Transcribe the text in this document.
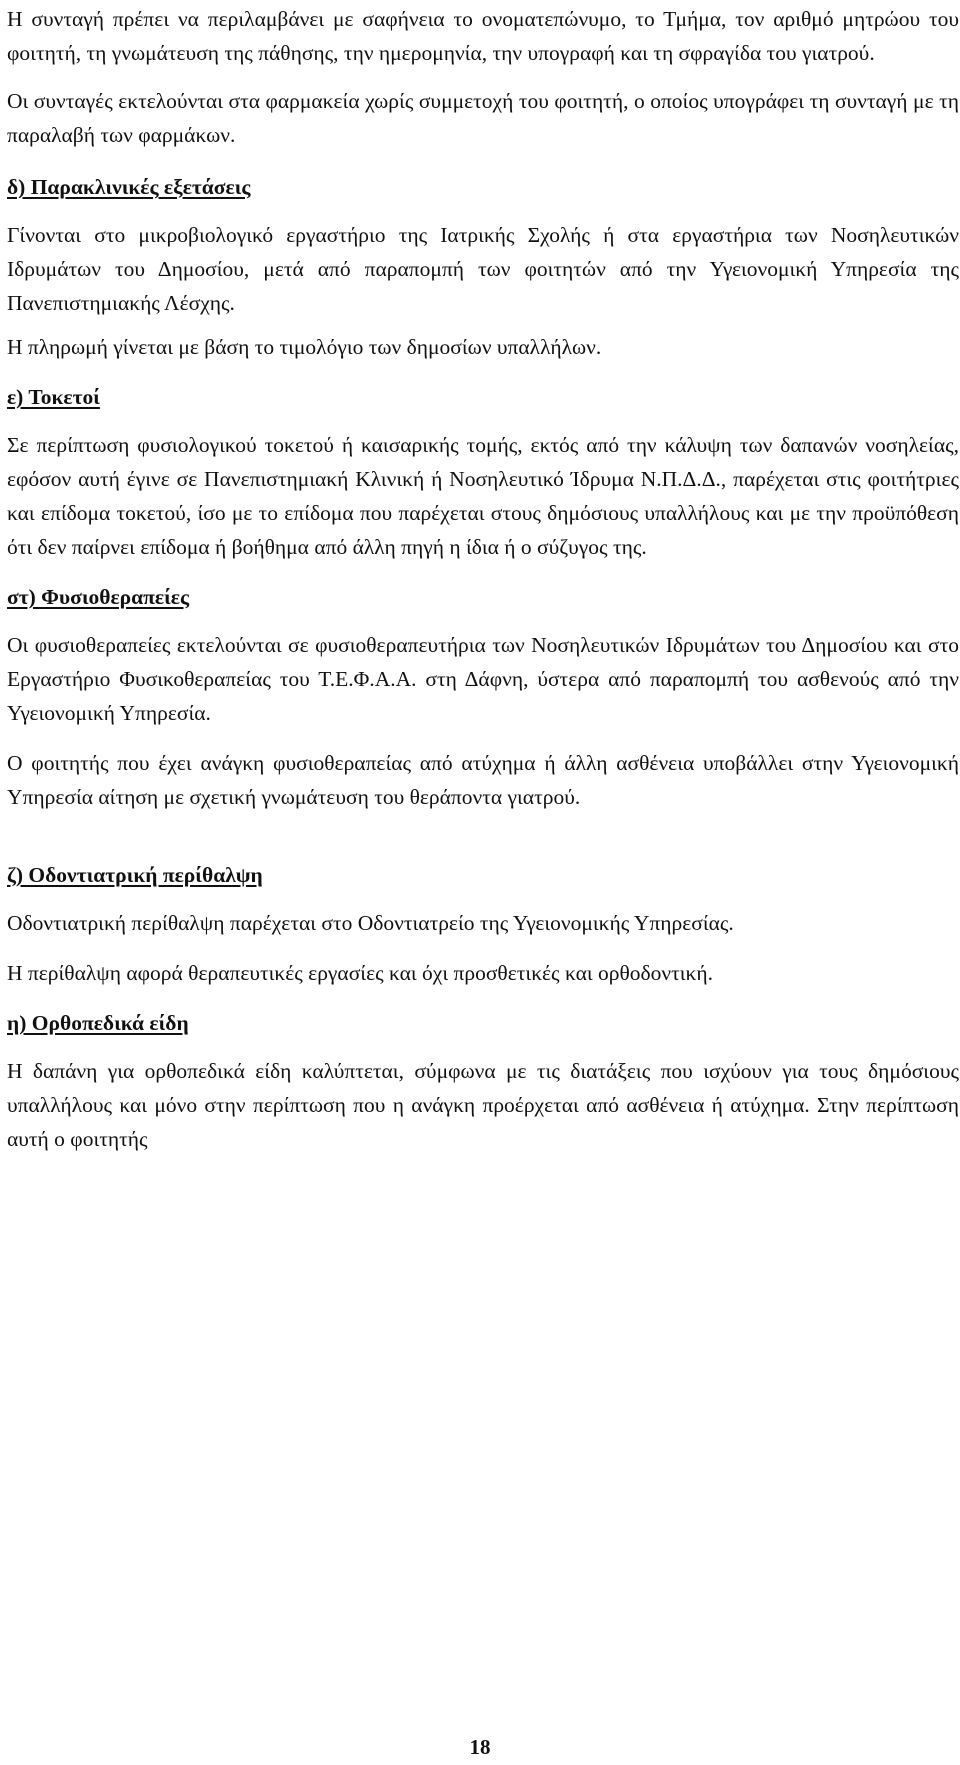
Η συνταγή πρέπει να περιλαμβάνει με σαφήνεια το ονοματεπώνυμο, το Τμήμα, τον αριθμό μητρώου του φοιτητή, τη γνωμάτευση της πάθησης, την ημερομηνία, την υπογραφή και τη σφραγίδα του γιατρού.

Οι συνταγές εκτελούνται στα φαρμακεία χωρίς συμμετοχή του φοιτητή, ο οποίος υπογράφει τη συνταγή με τη παραλαβή των φαρμάκων.

δ) Παρακλινικές εξετάσεις

Γίνονται στο μικροβιολογικό εργαστήριο της Ιατρικής Σχολής ή στα εργαστήρια των Νοσηλευτικών Ιδρυμάτων του Δημοσίου, μετά από παραπομπή των φοιτητών από την Υγειονομική Υπηρεσία της Πανεπιστημιακής Λέσχης.

Η πληρωμή γίνεται με βάση το τιμολόγιο των δημοσίων υπαλλήλων.

ε) Τοκετοί

Σε περίπτωση φυσιολογικού τοκετού ή καισαρικής τομής, εκτός από την κάλυψη των δαπανών νοσηλείας, εφόσον αυτή έγινε σε Πανεπιστημιακή Κλινική ή Νοσηλευτικό Ίδρυμα Ν.Π.Δ.Δ., παρέχεται στις φοιτήτριες και επίδομα τοκετού, ίσο με το επίδομα που παρέχεται στους δημόσιους υπαλλήλους και με την προϋπόθεση ότι δεν παίρνει επίδομα ή βοήθημα από άλλη πηγή η ίδια ή ο σύζυγος της.

στ) Φυσιοθεραπείες

Οι φυσιοθεραπείες εκτελούνται σε φυσιοθεραπευτήρια των Νοσηλευτικών Ιδρυμάτων του Δημοσίου και στο Εργαστήριο Φυσικοθεραπείας του Τ.Ε.Φ.Α.Α. στη Δάφνη, ύστερα από παραπομπή του ασθενούς από την Υγειονομική Υπηρεσία.

Ο φοιτητής που έχει ανάγκη φυσιοθεραπείας από ατύχημα ή άλλη ασθένεια υποβάλλει στην Υγειονομική Υπηρεσία αίτηση με σχετική γνωμάτευση του θεράποντα γιατρού.

ζ) Οδοντιατρική περίθαλψη

Οδοντιατρική περίθαλψη παρέχεται στο Οδοντιατρείο της Υγειονομικής Υπηρεσίας.

Η περίθαλψη αφορά θεραπευτικές εργασίες και όχι προσθετικές και ορθοδοντική.

η) Ορθοπεδικά είδη

Η δαπάνη για ορθοπεδικά είδη καλύπτεται, σύμφωνα με τις διατάξεις που ισχύουν για τους δημόσιους υπαλλήλους και μόνο στην περίπτωση που η ανάγκη προέρχεται από ασθένεια ή ατύχημα. Στην περίπτωση αυτή ο φοιτητής

18
